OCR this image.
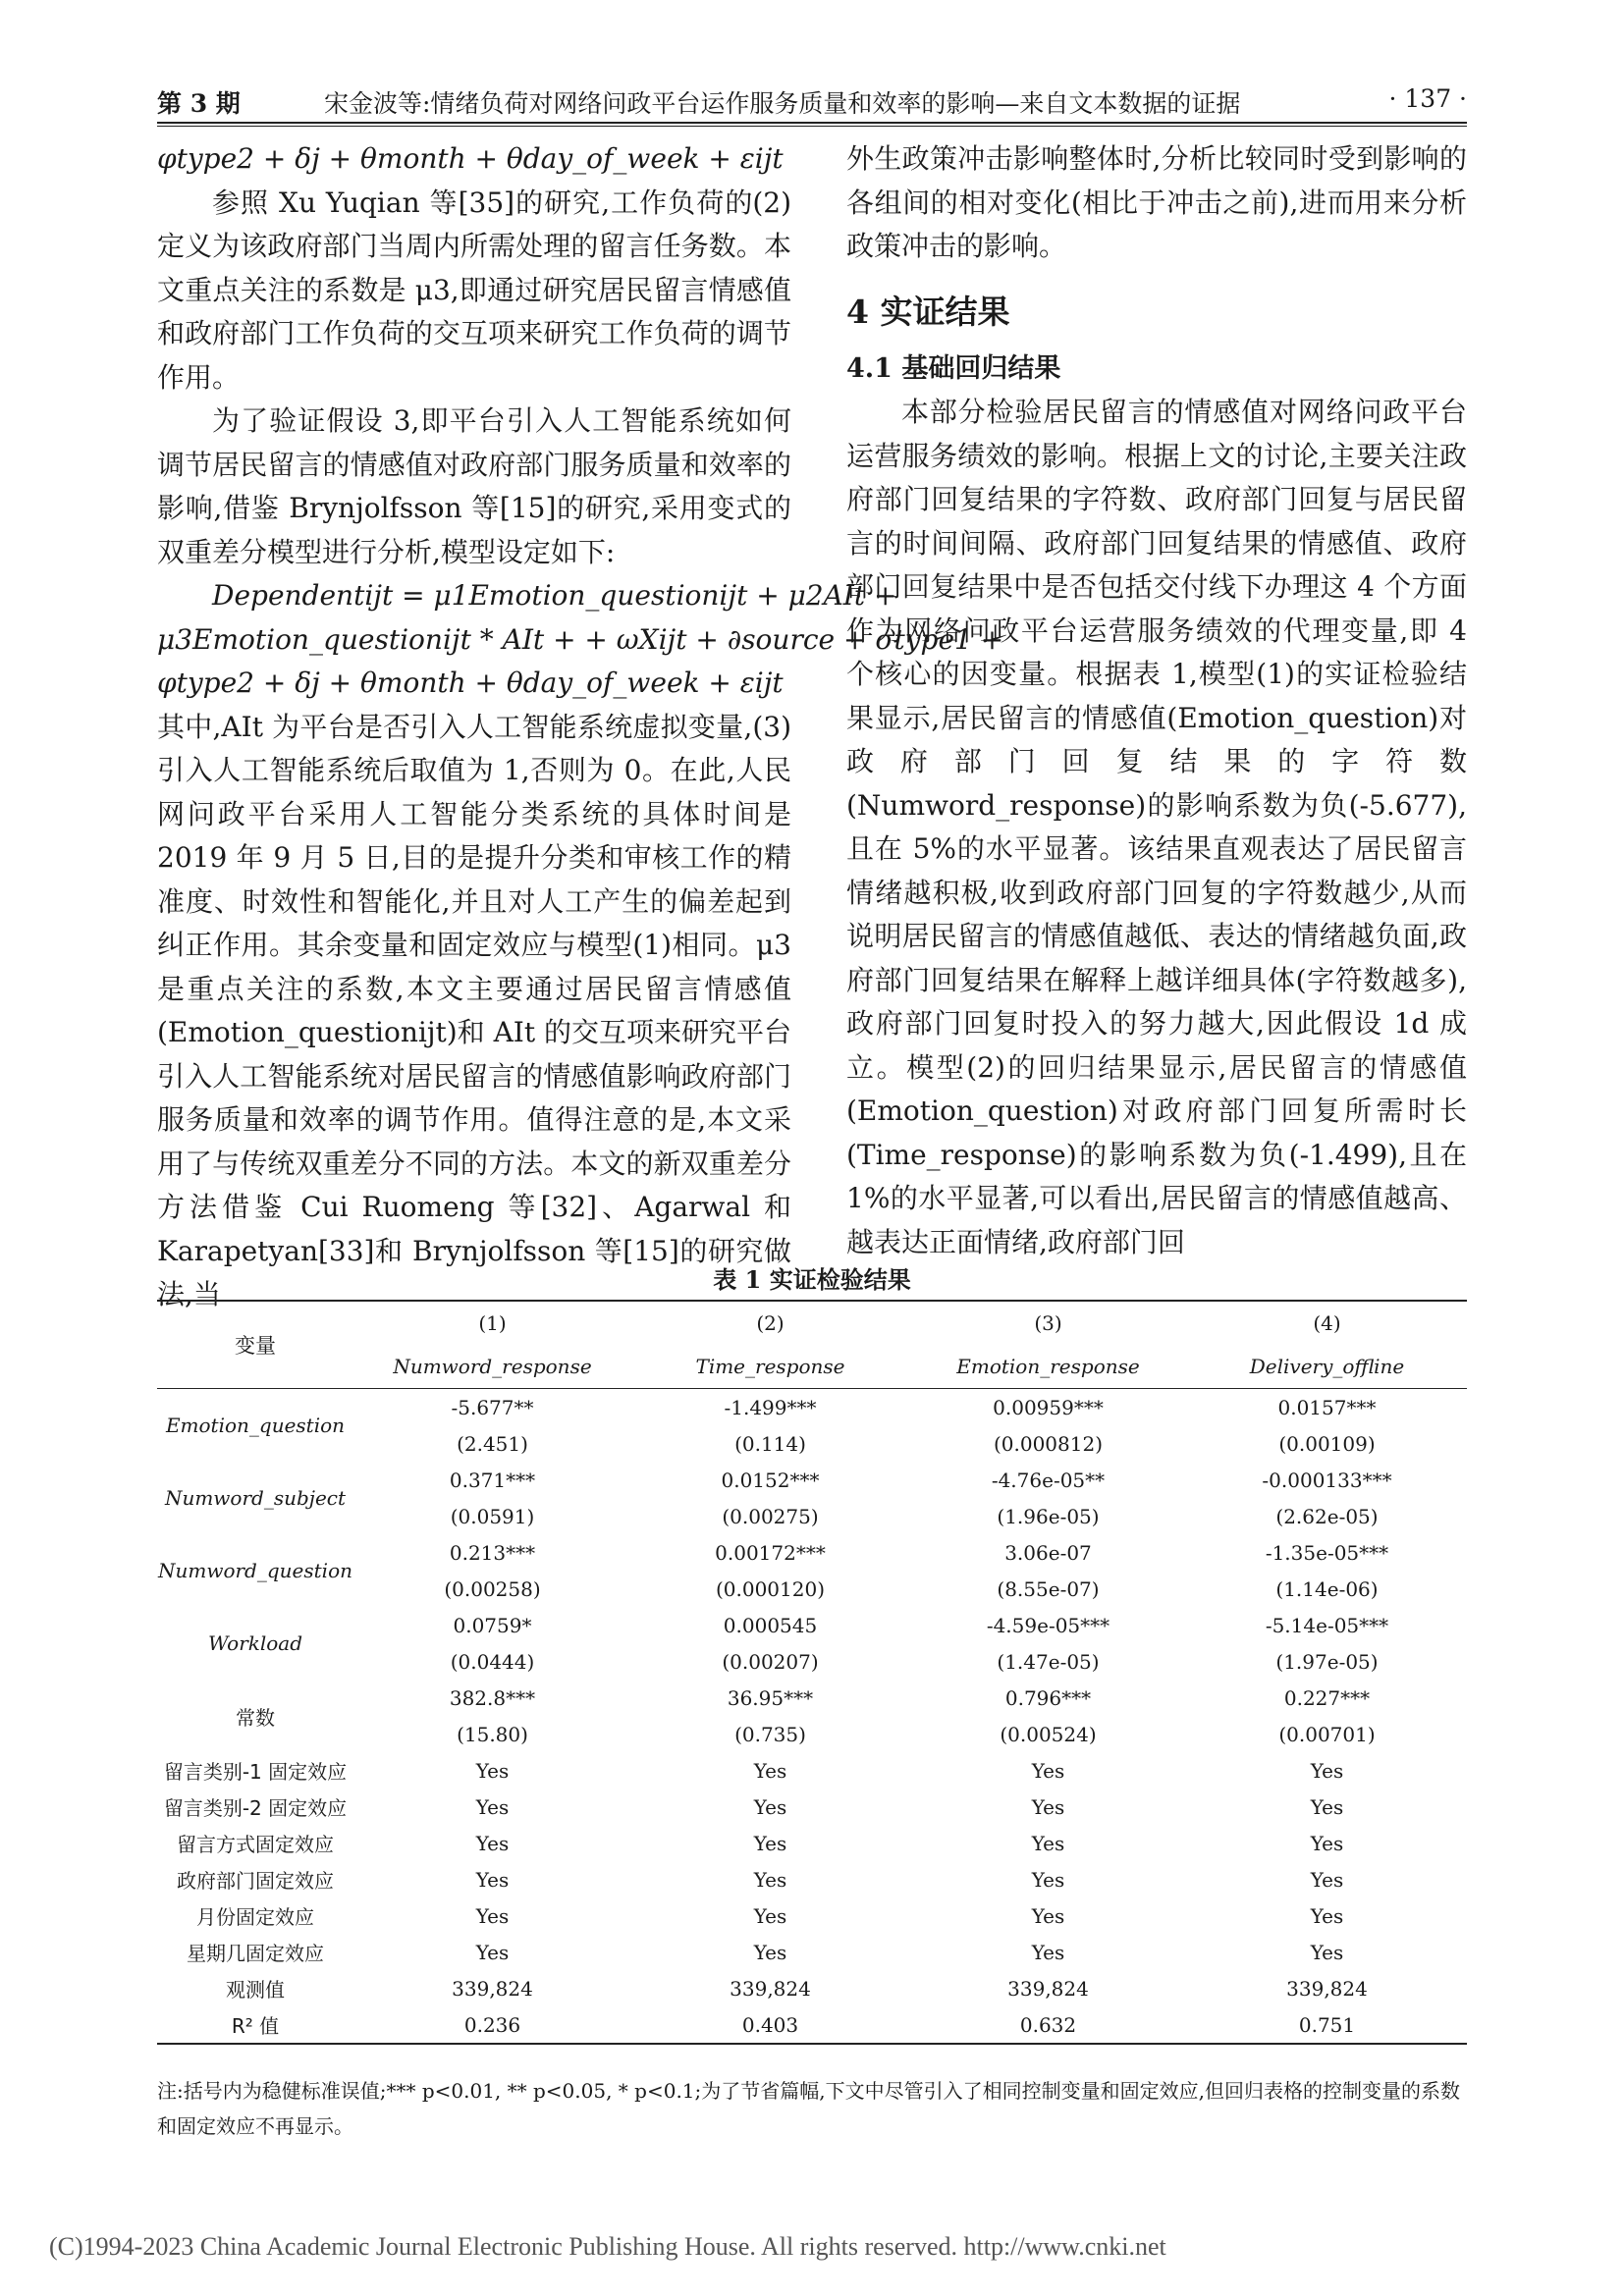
第 3 期	宋金波等:情绪负荷对网络问政平台运作服务质量和效率的影响—来自文本数据的证据	· 137 ·

φtype2 + δj + θmonth + θday_of_week + εijt
(2)

参照 Xu Yuqian 等[35]的研究,工作负荷的定义为该政府部门当周内所需处理的留言任务数。本文重点关注的系数是 μ3,即通过研究居民留言情感值和政府部门工作负荷的交互项来研究工作负荷的调节作用。

为了验证假设 3,即平台引入人工智能系统如何调节居民留言的情感值对政府部门服务质量和效率的影响,借鉴 Brynjolfsson 等[15]的研究,采用变式的双重差分模型进行分析,模型设定如下:

Dependentijt = μ1Emotion_questionijt + μ2AIt +

μ3Emotion_questionijt * AIt + + ωXijt + ∂source + σtype1 +

φtype2 + δj + θmonth + θday_of_week + εijt
(3)

其中,AIt 为平台是否引入人工智能系统虚拟变量,引入人工智能系统后取值为 1,否则为 0。在此,人民网问政平台采用人工智能分类系统的具体时间是 2019 年 9 月 5 日,目的是提升分类和审核工作的精准度、时效性和智能化,并且对人工产生的偏差起到纠正作用。其余变量和固定效应与模型(1)相同。μ3 是重点关注的系数,本文主要通过居民留言情感值(Emotion_questionijt)和 AIt 的交互项来研究平台引入人工智能系统对居民留言的情感值影响政府部门服务质量和效率的调节作用。值得注意的是,本文采用了与传统双重差分不同的方法。本文的新双重差分方法借鉴 Cui Ruomeng 等[32]、Agarwal 和 Karapetyan[33]和 Brynjolfsson 等[15]的研究做法,当

外生政策冲击影响整体时,分析比较同时受到影响的各组间的相对变化(相比于冲击之前),进而用来分析政策冲击的影响。

4 实证结果

4.1 基础回归结果

本部分检验居民留言的情感值对网络问政平台运营服务绩效的影响。根据上文的讨论,主要关注政府部门回复结果的字符数、政府部门回复与居民留言的时间间隔、政府部门回复结果的情感值、政府部门回复结果中是否包括交付线下办理这 4 个方面作为网络问政平台运营服务绩效的代理变量,即 4 个核心的因变量。根据表 1,模型(1)的实证检验结果显示,居民留言的情感值(Emotion_question)对政府部门回复结果的字符数(Numword_response)的影响系数为负(-5.677),且在 5%的水平显著。该结果直观表达了居民留言情绪越积极,收到政府部门回复的字符数越少,从而说明居民留言的情感值越低、表达的情绪越负面,政府部门回复结果在解释上越详细具体(字符数越多),政府部门回复时投入的努力越大,因此假设 1d 成立。模型(2)的回归结果显示,居民留言的情感值(Emotion_question)对政府部门回复所需时长(Time_response)的影响系数为负(-1.499),且在 1%的水平显著,可以看出,居民留言的情感值越高、越表达正面情绪,政府部门回

表 1 实证检验结果
变量	(1)	(2)	(3)	(4)
	Numword_response	Time_response	Emotion_response	Delivery_offline
Emotion_question	-5.677**	-1.499***	0.00959***	0.0157***
	(2.451)	(0.114)	(0.000812)	(0.00109)
Numword_subject	0.371***	0.0152***	-4.76e-05**	-0.000133***
	(0.0591)	(0.00275)	(1.96e-05)	(2.62e-05)
Numword_question	0.213***	0.00172***	3.06e-07	-1.35e-05***
	(0.00258)	(0.000120)	(8.55e-07)	(1.14e-06)
Workload	0.0759*	0.000545	-4.59e-05***	-5.14e-05***
	(0.0444)	(0.00207)	(1.47e-05)	(1.97e-05)
常数	382.8***	36.95***	0.796***	0.227***
	(15.80)	(0.735)	(0.00524)	(0.00701)
留言类别-1 固定效应	Yes	Yes	Yes	Yes
留言类别-2 固定效应	Yes	Yes	Yes	Yes
留言方式固定效应	Yes	Yes	Yes	Yes
政府部门固定效应	Yes	Yes	Yes	Yes
月份固定效应	Yes	Yes	Yes	Yes
星期几固定效应	Yes	Yes	Yes	Yes
观测值	339,824	339,824	339,824	339,824
R² 值	0.236	0.403	0.632	0.751
注:括号内为稳健标准误值;*** p<0.01, ** p<0.05, * p<0.1;为了节省篇幅,下文中尽管引入了相同控制变量和固定效应,但回归表格的控制变量的系数和固定效应不再显示。
(C)1994-2023 China Academic Journal Electronic Publishing House. All rights reserved. http://www.cnki.net
